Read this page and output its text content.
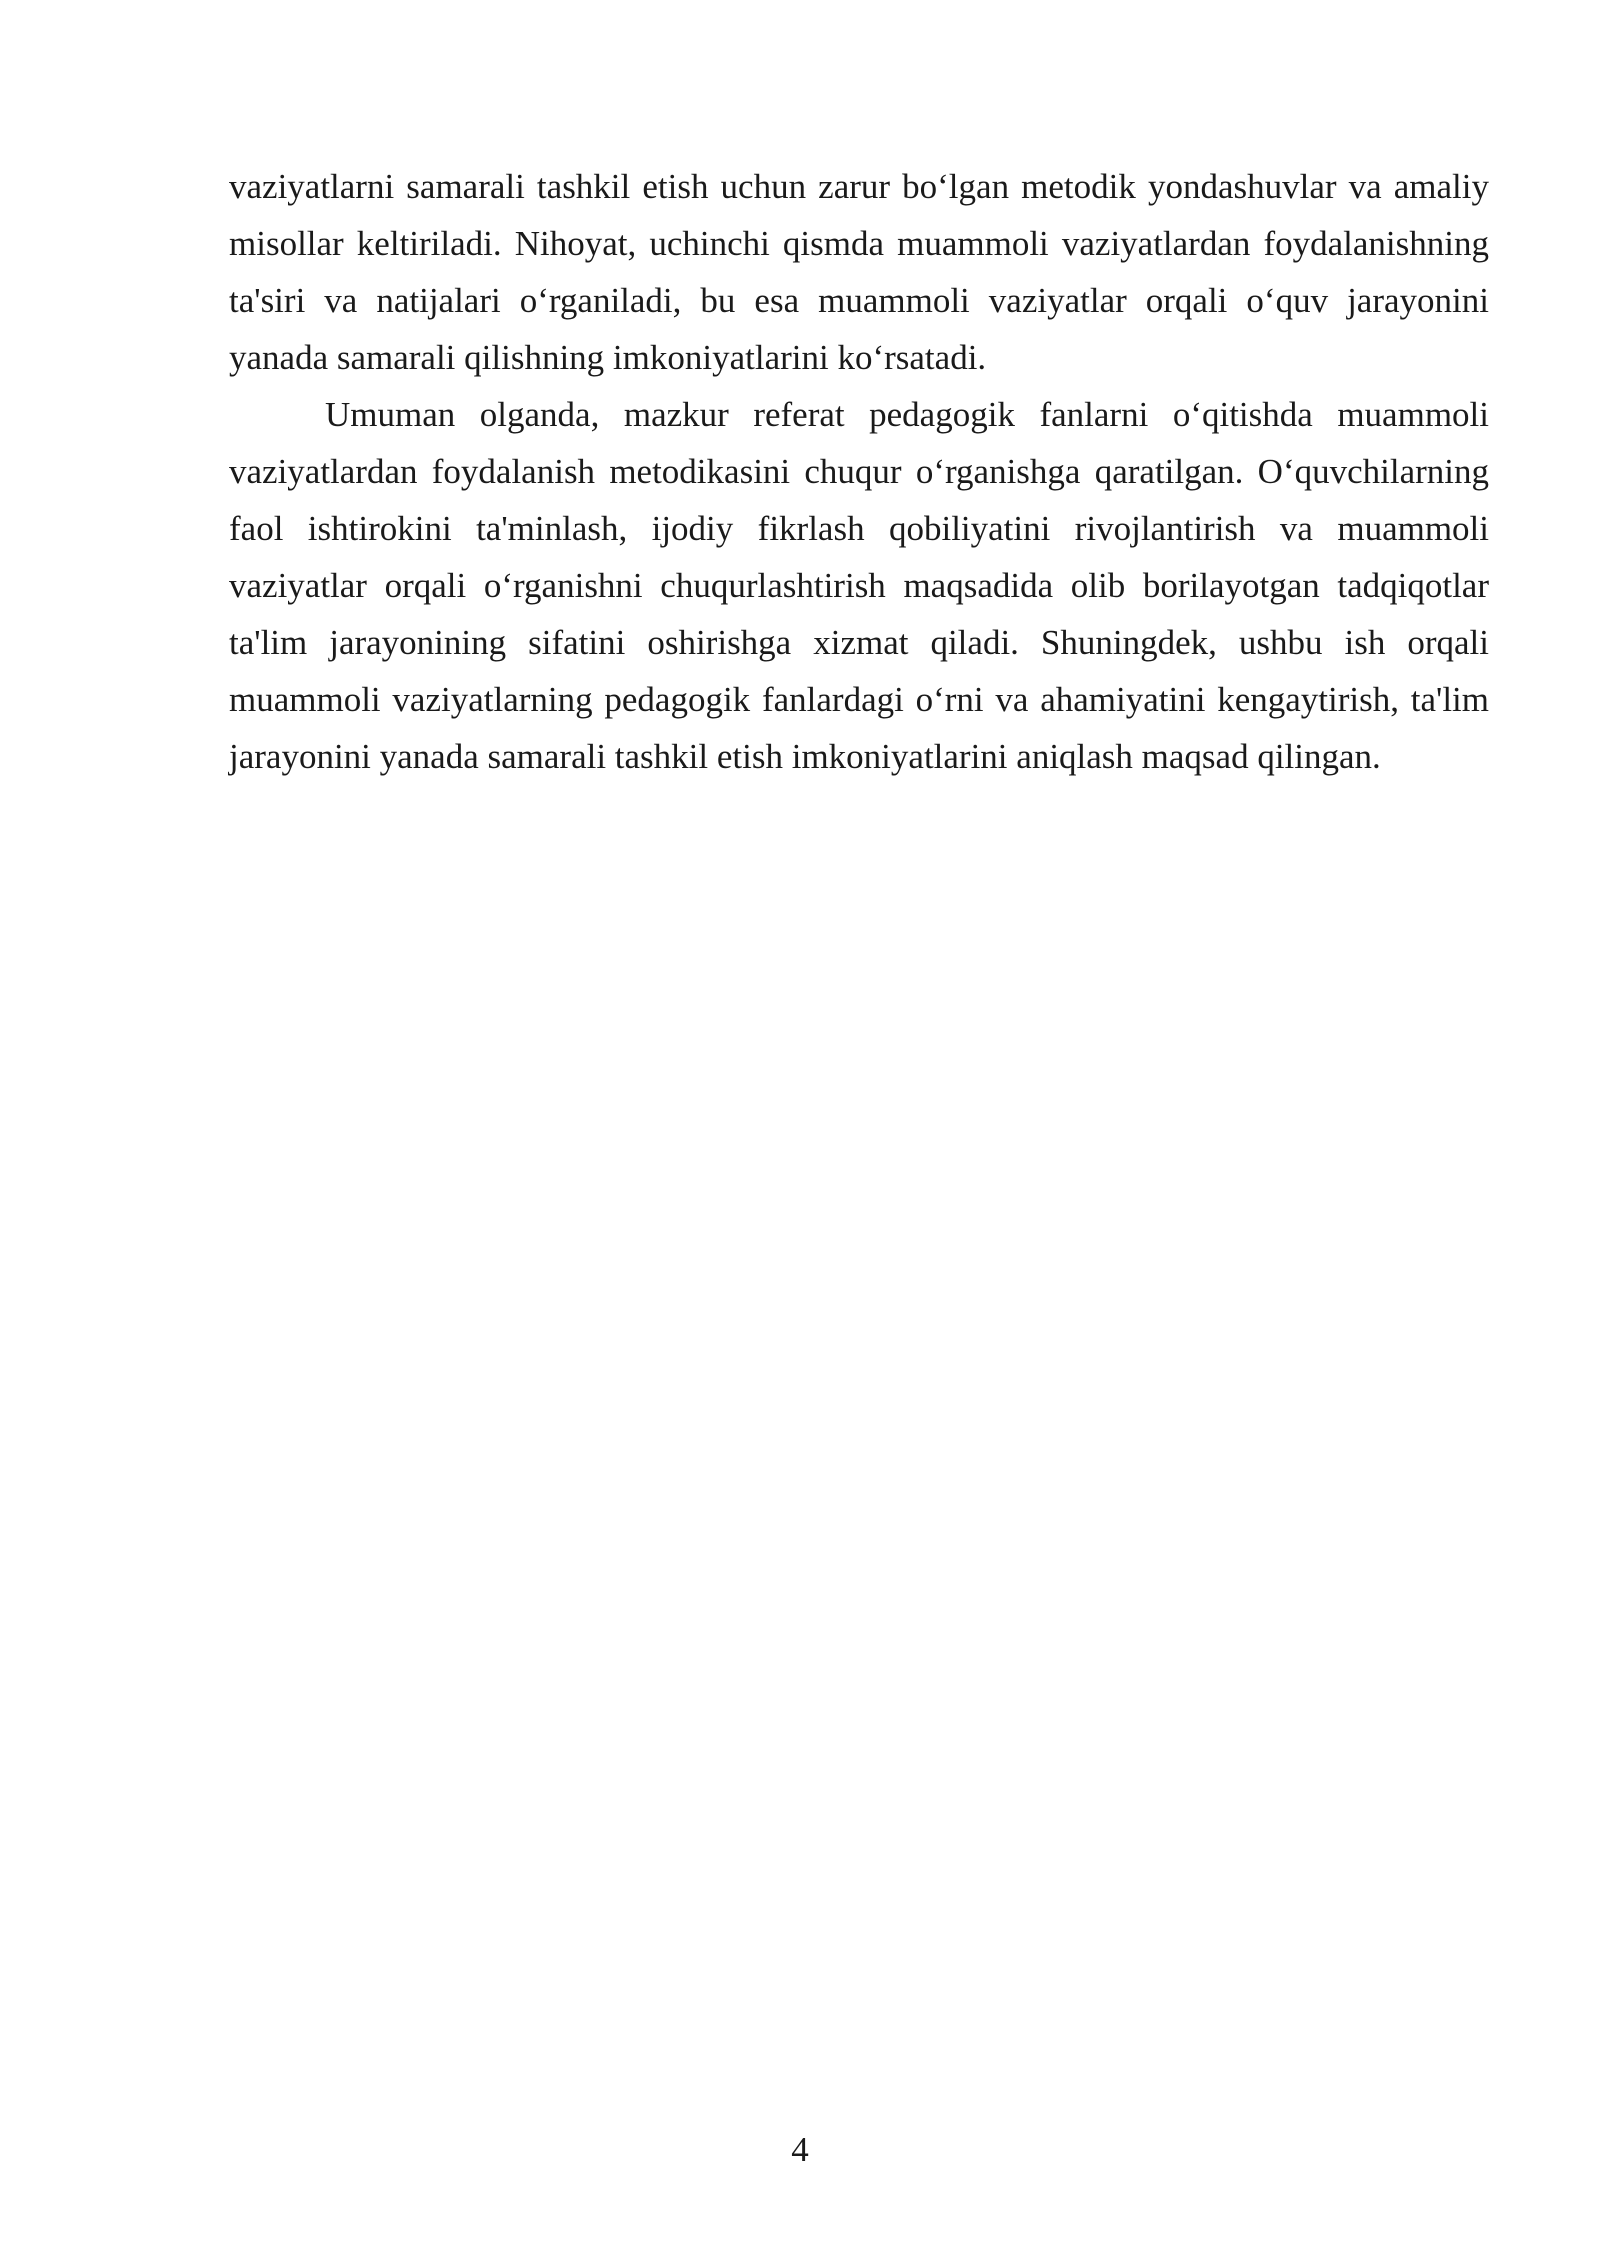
vaziyatlarni samarali tashkil etish uchun zarur bo‘lgan metodik yondashuvlar va amaliy misollar keltiriladi. Nihoyat, uchinchi qismda muammoli vaziyatlardan foydalanishning ta'siri va natijalari o‘rganiladi, bu esa muammoli vaziyatlar orqali o‘quv jarayonini yanada samarali qilishning imkoniyatlarini ko‘rsatadi.

Umuman olganda, mazkur referat pedagogik fanlarni o‘qitishda muammoli vaziyatlardan foydalanish metodikasini chuqur o‘rganishga qaratilgan. O‘quvchilarning faol ishtirokini ta'minlash, ijodiy fikrlash qobiliyatini rivojlantirish va muammoli vaziyatlar orqali o‘rganishni chuqurlashtirish maqsadida olib borilayotgan tadqiqotlar ta'lim jarayonining sifatini oshirishga xizmat qiladi. Shuningdek, ushbu ish orqali muammoli vaziyatlarning pedagogik fanlardagi o‘rni va ahamiyatini kengaytirish, ta'lim jarayonini yanada samarali tashkil etish imkoniyatlarini aniqlash maqsad qilingan.

4
